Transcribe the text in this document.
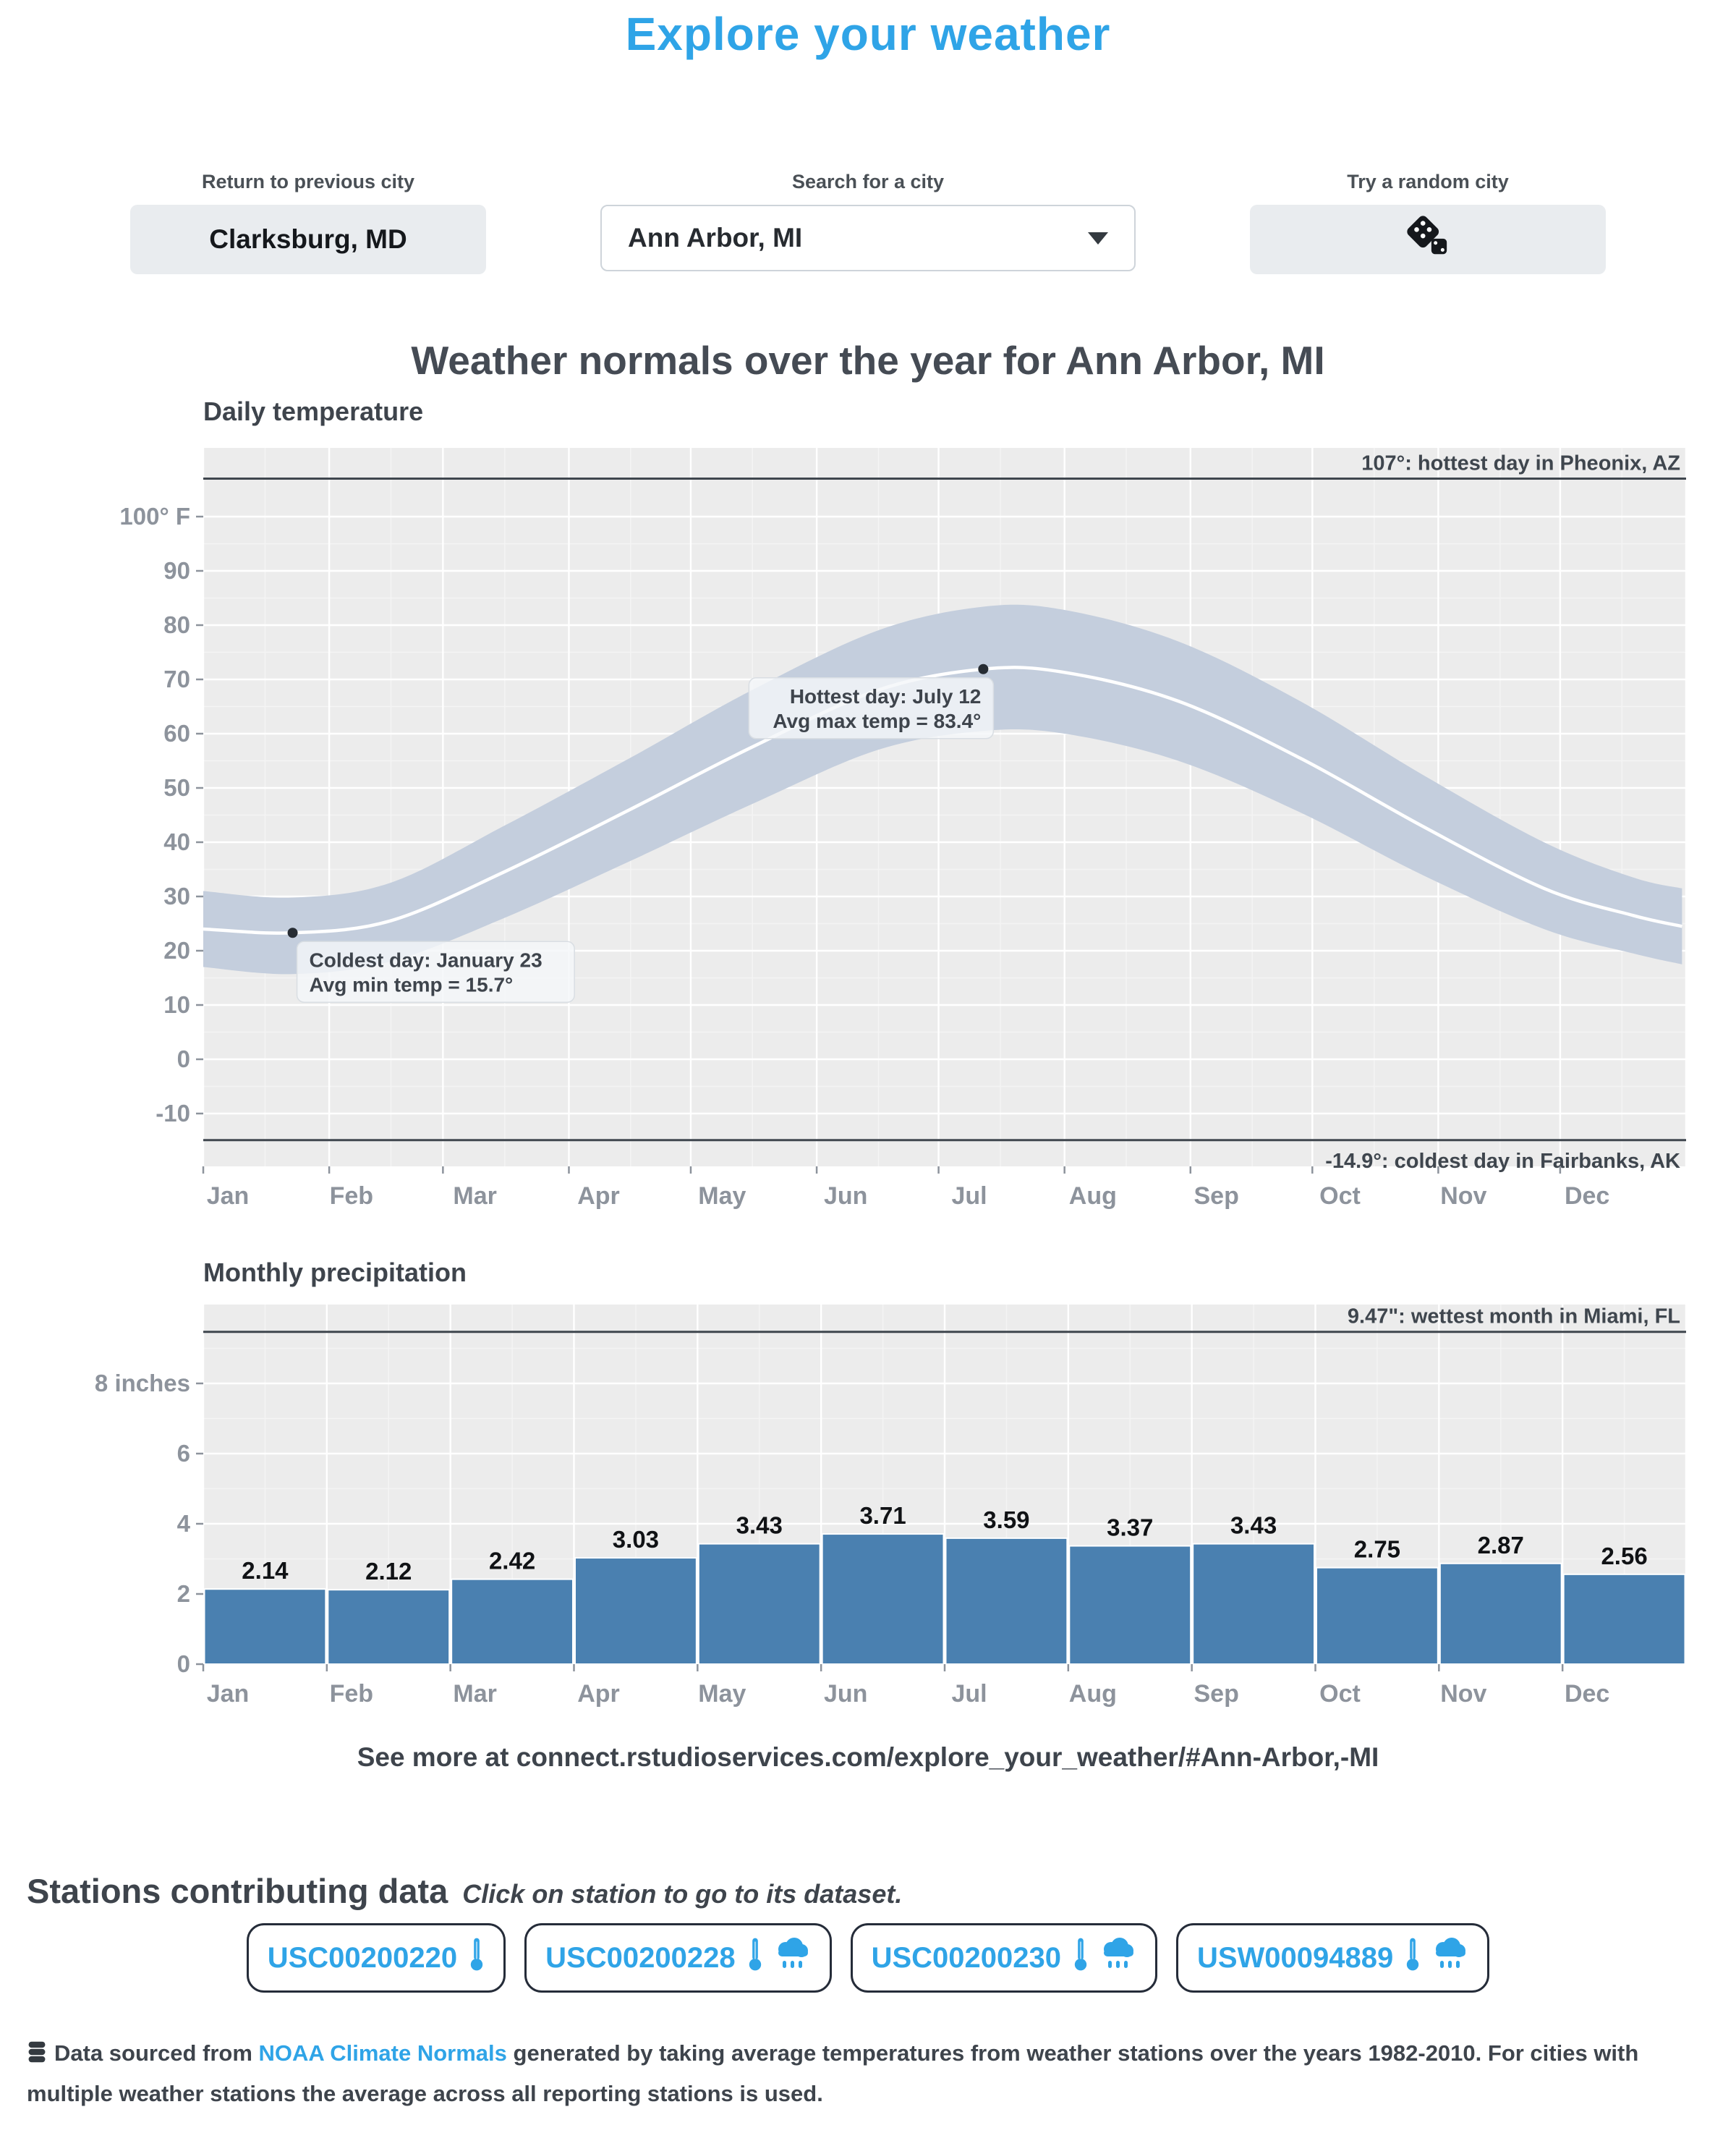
Explore your weather
Return to previous city
Clarksburg, MD
Search for a city
Ann Arbor, MI
Try a random city
Weather normals over the year for Ann Arbor, MI
Daily temperature
107°: hottest day in Pheonix, AZ
-14.9°: coldest day in Fairbanks, AK
100° F
90
80
70
60
50
40
30
20
10
0
-10
Jan	Feb	Mar	Apr	May	Jun	Jul	Aug	Sep	Oct	Nov	Dec
Hottest day: July 12
Avg max temp = 83.4°
Coldest day: January 23
Avg min temp = 15.7°
Monthly precipitation
2.14	2.12	2.42
3.03
3.43	3.71	3.59	3.37	3.43
2.75	2.87	2.56
9.47": wettest month in Miami, FL
0
2
4
6
8 inches
Jan	Feb	Mar	Apr	May	Jun	Jul	Aug	Sep	Oct	Nov	Dec
See more at connect.rstudioservices.com/explore_your_weather/#Ann-Arbor,-MI
Stations contributing data Click on station to go to its dataset.
USC00200220	USC00200228	USC00200230	USW00094889
Data sourced from NOAA Climate Normals generated by taking average temperatures from weather stations over the years 1982-2010. For cities with multiple weather stations the average across all reporting stations is used.
